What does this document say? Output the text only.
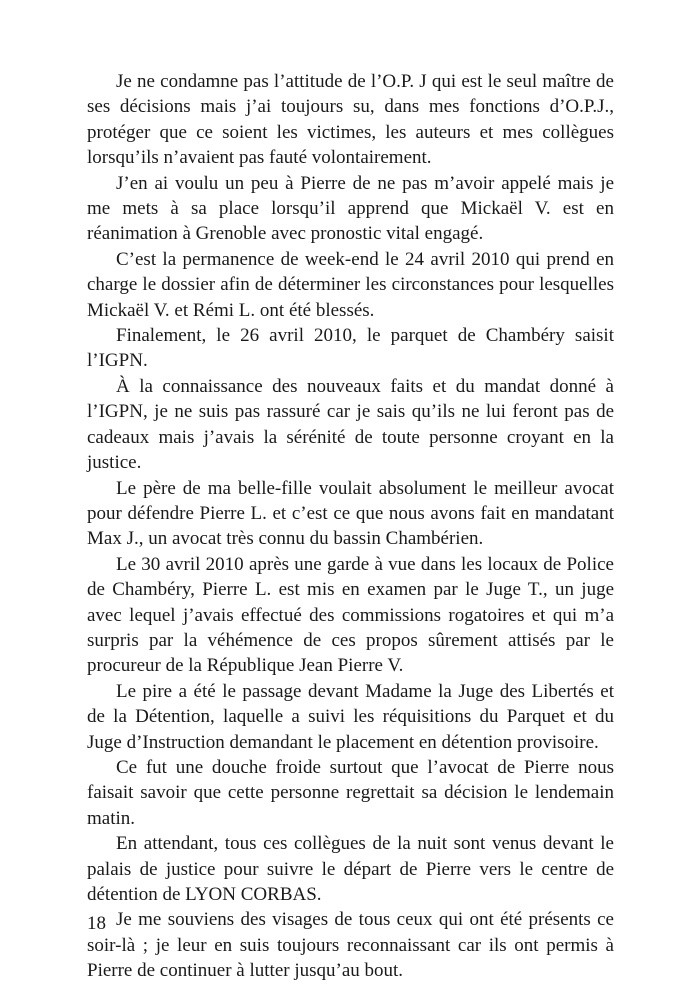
Je ne condamne pas l’attitude de l’O.P. J qui est le seul maître de ses décisions mais j’ai toujours su, dans mes fonctions d’O.P.J., protéger que ce soient les victimes, les auteurs et mes collègues lorsqu’ils n’avaient pas fauté volontairement.

J’en ai voulu un peu à Pierre de ne pas m’avoir appelé mais je me mets à sa place lorsqu’il apprend que Mickaël V. est en réanimation à Grenoble avec pronostic vital engagé.

C’est la permanence de week-end le 24 avril 2010 qui prend en charge le dossier afin de déterminer les circonstances pour lesquelles Mickaël V. et Rémi L. ont été blessés.

Finalement, le 26 avril 2010, le parquet de Chambéry saisit l’IGPN.

À la connaissance des nouveaux faits et du mandat donné à l’IGPN, je ne suis pas rassuré car je sais qu’ils ne lui feront pas de cadeaux mais j’avais la sérénité de toute personne croyant en la justice.

Le père de ma belle-fille voulait absolument le meilleur avocat pour défendre Pierre L. et c’est ce que nous avons fait en mandatant Max J., un avocat très connu du bassin Chambérien.

Le 30 avril 2010 après une garde à vue dans les locaux de Police de Chambéry, Pierre L. est mis en examen par le Juge T., un juge avec lequel j’avais effectué des commissions rogatoires et qui m’a surpris par la véhémence de ces propos sûrement attisés par le procureur de la République Jean Pierre V.

Le pire a été le passage devant Madame la Juge des Libertés et de la Détention, laquelle a suivi les réquisitions du Parquet et du Juge d’Instruction demandant le placement en détention provisoire.

Ce fut une douche froide surtout que l’avocat de Pierre nous faisait savoir que cette personne regrettait sa décision le lendemain matin.

En attendant, tous ces collègues de la nuit sont venus devant le palais de justice pour suivre le départ de Pierre vers le centre de détention de LYON CORBAS.

Je me souviens des visages de tous ceux qui ont été présents ce soir-là ; je leur en suis toujours reconnaissant car ils ont permis à Pierre de continuer à lutter jusqu’au bout.

18
